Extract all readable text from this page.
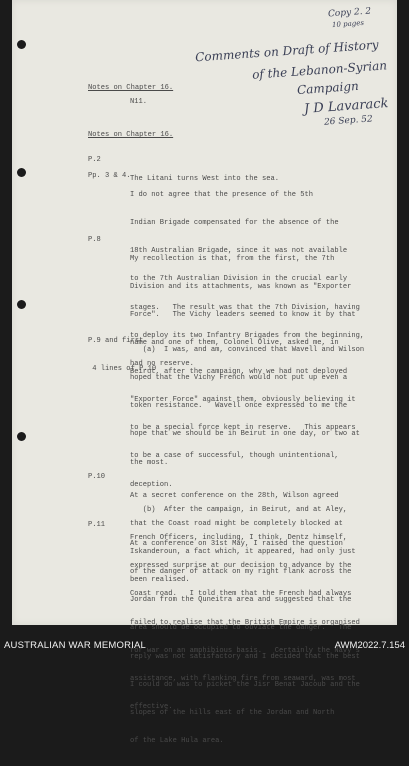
Copy 2. 2
10 pages
Comments on Draft of History
of the Lebanon-Syrian
Campaign
J D Lavarack
26 Sep. 52
Notes on Chapter 16.
N11.
Notes on Chapter 16.
P.2

The Litani turns West into the sea.

Pp. 3 & 4.

I do not agree that the presence of the 5th

Indian Brigade compensated for the absence of the

18th Australian Brigade, since it was not available

to the 7th Australian Division in the crucial early

stages.   The result was that the 7th Division, having

to deploy its two Infantry Brigades from the beginning,

had no reserve.

P.8

My recollection is that, from the first, the 7th

Division and its attachments, was known as "Exporter

Force".   The Vichy leaders seemed to know it by that

name and one of them, Colonel Olive, asked me, in

Beirut, after the campaign, why we had not deployed

"Exporter Force" against them, obviously believing it

to be a special force kept in reserve.   This appears

to be a case of successful, though unintentional,

deception.

P.9 and first

4 lines of P.10

(a)  I was, and am, convinced that Wavell and Wilson

hoped that the Vichy French would not put up even a

token resistance.   Wavell once expressed to me the

hope that we should be in Beirut in one day, or two at

the most.

(b)  After the campaign, in Beirut, and at Aley,

French Officers, including, I think, Dentz himself,

expressed surprise at our decision to advance by the

Coast road.   I told them that the French had always

failed to realise that the British Empire is organised

for war on an amphibious basis.   Certainly the Navy's

assistance, with flanking fire from seaward, was most

effective.

P.10

At a secret conference on the 28th, Wilson agreed

that the Coast road might be completely blocked at

Iskanderoun, a fact which, it appeared, had only just

been realised.

P.11

At a conference on 31st May, I raised the question

of the danger of attack on my right flank across the

Jordan from the Quneitra area and suggested that the

area should be occupied to obviate the danger.   The

reply was not satisfactory and I decided that the best

I could do was to picket the Jisr Benat Jacoub and the

slopes of the hills east of the Jordan and North

of the Lake Hula area.

AUSTRALIAN WAR MEMORIAL	AWM2022.7.154
